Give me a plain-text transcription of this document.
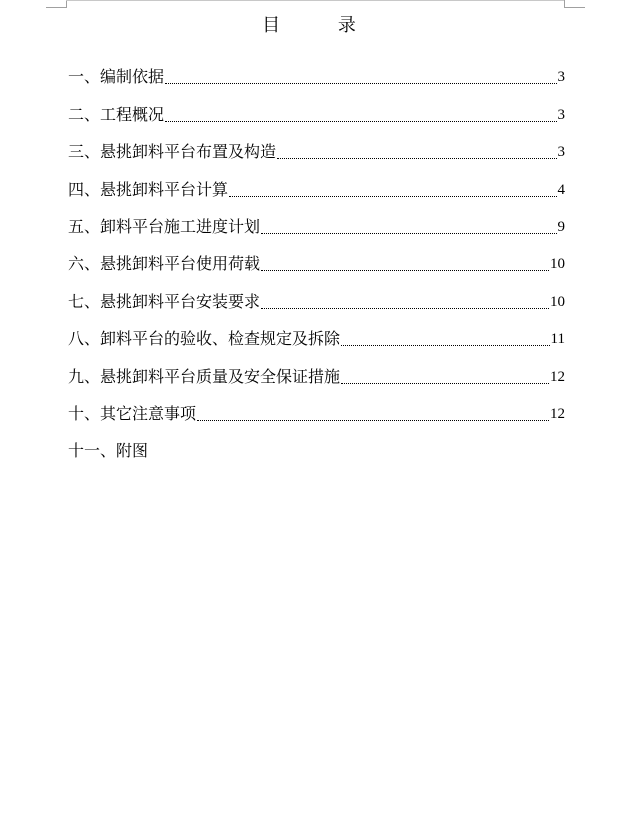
目 录
一、编制依据	3
二、工程概况	3
三、悬挑卸料平台布置及构造	3
四、悬挑卸料平台计算	4
五、卸料平台施工进度计划	9
六、悬挑卸料平台使用荷载	10
七、悬挑卸料平台安装要求	10
八、卸料平台的验收、检查规定及拆除	11
九、悬挑卸料平台质量及安全保证措施	12
十、其它注意事项	12
十一、附图
